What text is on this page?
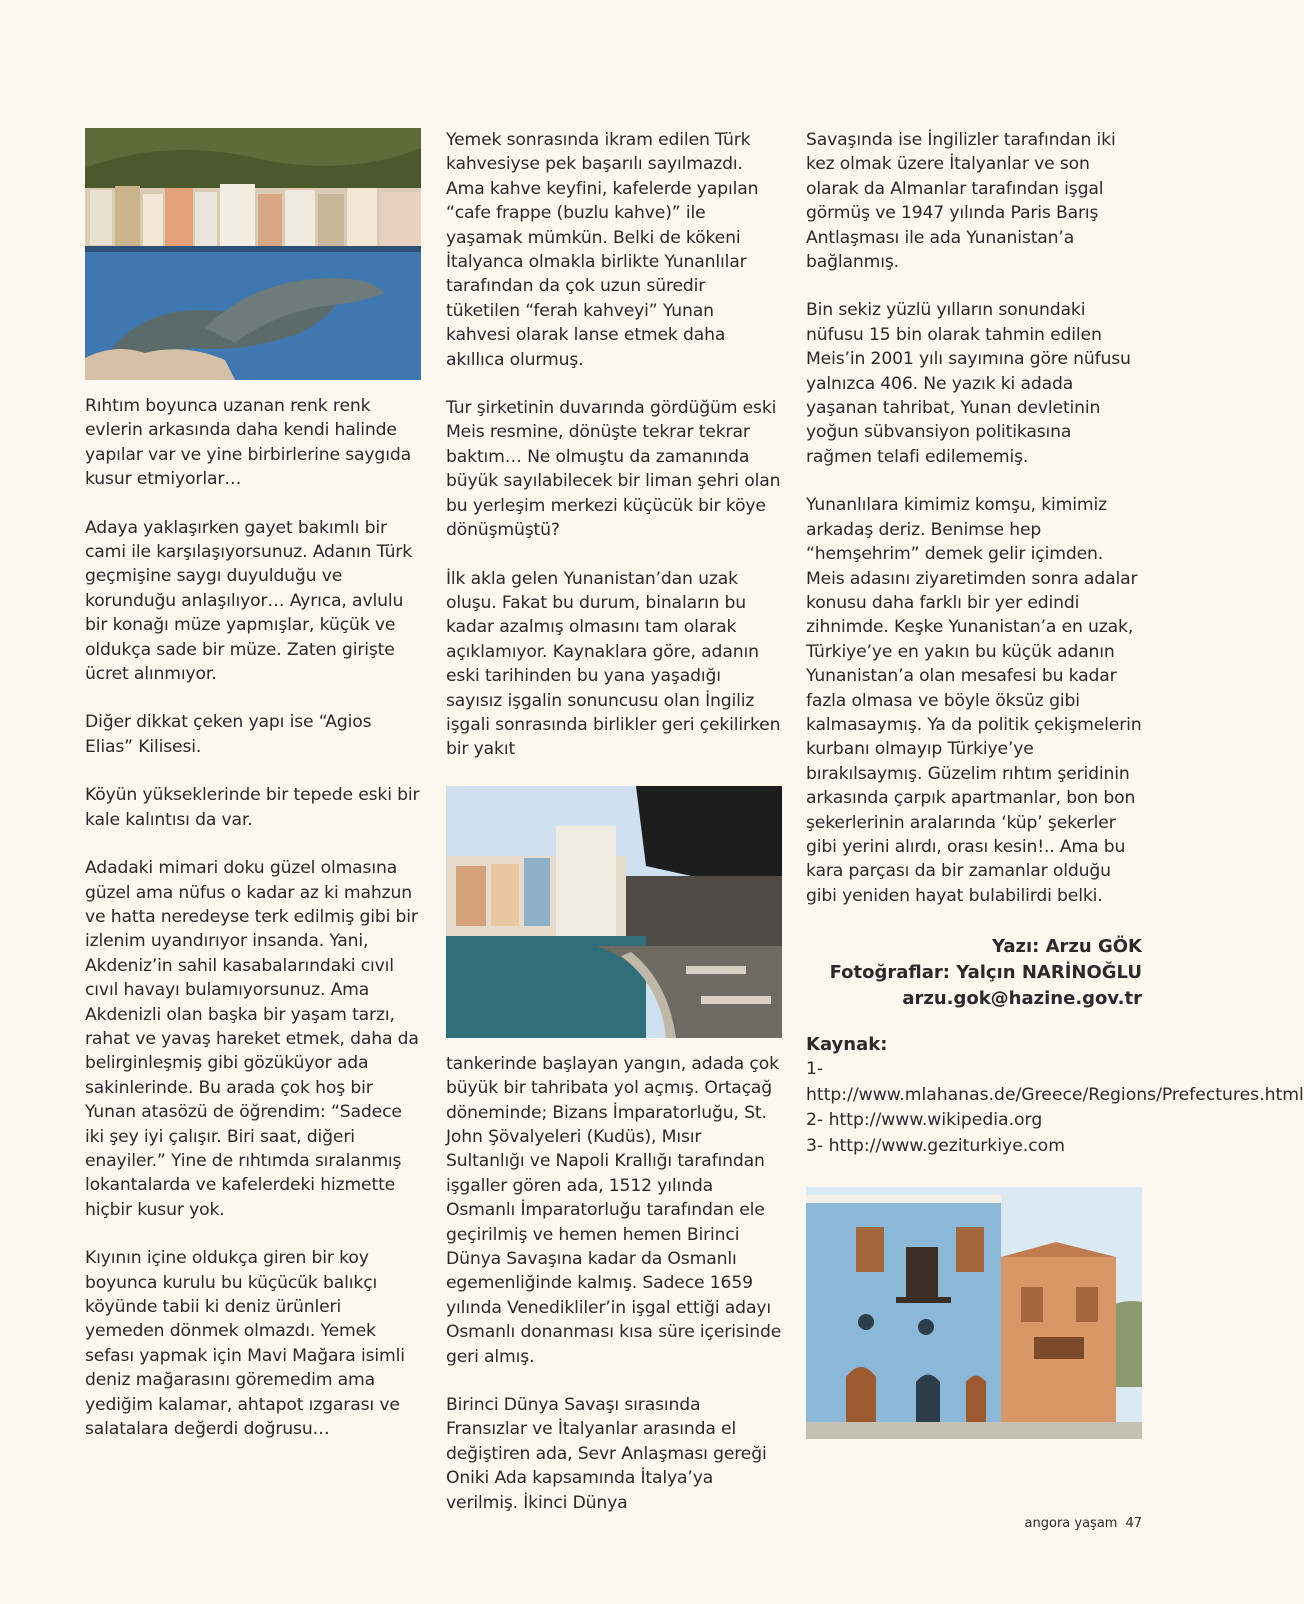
Rıhtım boyunca uzanan renk renk evlerin arkasında daha kendi halinde yapılar var ve yine birbirlerine saygıda kusur etmiyorlar…

Adaya yaklaşırken gayet bakımlı bir cami ile karşılaşıyorsunuz. Adanın Türk geçmişine saygı duyulduğu ve korunduğu anlaşılıyor… Ayrıca, avlulu bir konağı müze yapmışlar, küçük ve oldukça sade bir müze. Zaten girişte ücret alınmıyor.

Diğer dikkat çeken yapı ise “Agios Elias” Kilisesi.

Köyün yükseklerinde bir tepede eski bir kale kalıntısı da var.

Adadaki mimari doku güzel olmasına güzel ama nüfus o kadar az ki mahzun ve hatta neredeyse terk edilmiş gibi bir izlenim uyandırıyor insanda. Yani, Akdeniz’in sahil kasabalarındaki cıvıl cıvıl havayı bulamıyorsunuz. Ama Akdenizli olan başka bir yaşam tarzı, rahat ve yavaş hareket etmek, daha da belirginleşmiş gibi gözüküyor ada sakinlerinde. Bu arada çok hoş bir Yunan atasözü de öğrendim: “Sadece iki şey iyi çalışır. Biri saat, diğeri enayiler.” Yine de rıhtımda sıralanmış lokantalarda ve kafelerdeki hizmette hiçbir kusur yok.

Kıyının içine oldukça giren bir koy boyunca kurulu bu küçücük balıkçı köyünde tabii ki deniz ürünleri yemeden dönmek olmazdı. Yemek sefası yapmak için Mavi Mağara isimli deniz mağarasını göremedim ama yediğim kalamar, ahtapot ızgarası ve salatalara değerdi doğrusu…

Yemek sonrasında ikram edilen Türk kahvesiyse pek başarılı sayılmazdı. Ama kahve keyfini, kafelerde yapılan “cafe frappe (buzlu kahve)” ile yaşamak mümkün. Belki de kökeni İtalyanca olmakla birlikte Yunanlılar tarafından da çok uzun süredir tüketilen “ferah kahveyi” Yunan kahvesi olarak lanse etmek daha akıllıca olurmuş.

Tur şirketinin duvarında gördüğüm eski Meis resmine, dönüşte tekrar tekrar baktım… Ne olmuştu da zamanında büyük sayılabilecek bir liman şehri olan bu yerleşim merkezi küçücük bir köye dönüşmüştü?

İlk akla gelen Yunanistan’dan uzak oluşu. Fakat bu durum, binaların bu kadar azalmış olmasını tam olarak açıklamıyor. Kaynaklara göre, adanın eski tarihinden bu yana yaşadığı sayısız işgalin sonuncusu olan İngiliz işgali sonrasında birlikler geri çekilirken bir yakıt

tankerinde başlayan yangın, adada çok büyük bir tahribata yol açmış. Ortaçağ döneminde; Bizans İmparatorluğu, St. John Şövalyeleri (Kudüs), Mısır Sultanlığı ve Napoli Krallığı tarafından işgaller gören ada, 1512 yılında Osmanlı İmparatorluğu tarafından ele geçirilmiş ve hemen hemen Birinci Dünya Savaşına kadar da Osmanlı egemenliğinde kalmış. Sadece 1659 yılında Venedikliler’in işgal ettiği adayı Osmanlı donanması kısa süre içerisinde geri almış.

Birinci Dünya Savaşı sırasında Fransızlar ve İtalyanlar arasında el değiştiren ada, Sevr Anlaşması gereği Oniki Ada kapsamında İtalya’ya verilmiş. İkinci Dünya

Savaşında ise İngilizler tarafından iki kez olmak üzere İtalyanlar ve son olarak da Almanlar tarafından işgal görmüş ve 1947 yılında Paris Barış Antlaşması ile ada Yunanistan’a bağlanmış.

Bin sekiz yüzlü yılların sonundaki nüfusu 15 bin olarak tahmin edilen Meis’in 2001 yılı sayımına göre nüfusu yalnızca 406. Ne yazık ki adada yaşanan tahribat, Yunan devletinin yoğun sübvansiyon politikasına rağmen telafi edilememiş.

Yunanlılara kimimiz komşu, kimimiz arkadaş deriz. Benimse hep “hemşehrim” demek gelir içimden. Meis adasını ziyaretimden sonra adalar konusu daha farklı bir yer edindi zihnimde. Keşke Yunanistan’a en uzak, Türkiye’ye en yakın bu küçük adanın Yunanistan’a olan mesafesi bu kadar fazla olmasa ve böyle öksüz gibi kalmasaymış. Ya da politik çekişmelerin kurbanı olmayıp Türkiye’ye bırakılsaymış. Güzelim rıhtım şeridinin arkasında çarpık apartmanlar, bon bon şekerlerinin aralarında ‘küp’ şekerler gibi yerini alırdı, orası kesin!.. Ama bu kara parçası da bir zamanlar olduğu gibi yeniden hayat bulabilirdi belki.

Yazı: Arzu GÖK
Fotoğraflar: Yalçın NARİNOĞLU
arzu.gok@hazine.gov.tr
Kaynak:
1- http://www.mlahanas.de/Greece/Regions/Prefectures.html
2- http://www.wikipedia.org
3- http://www.geziturkiye.com
angora yaşam 47
